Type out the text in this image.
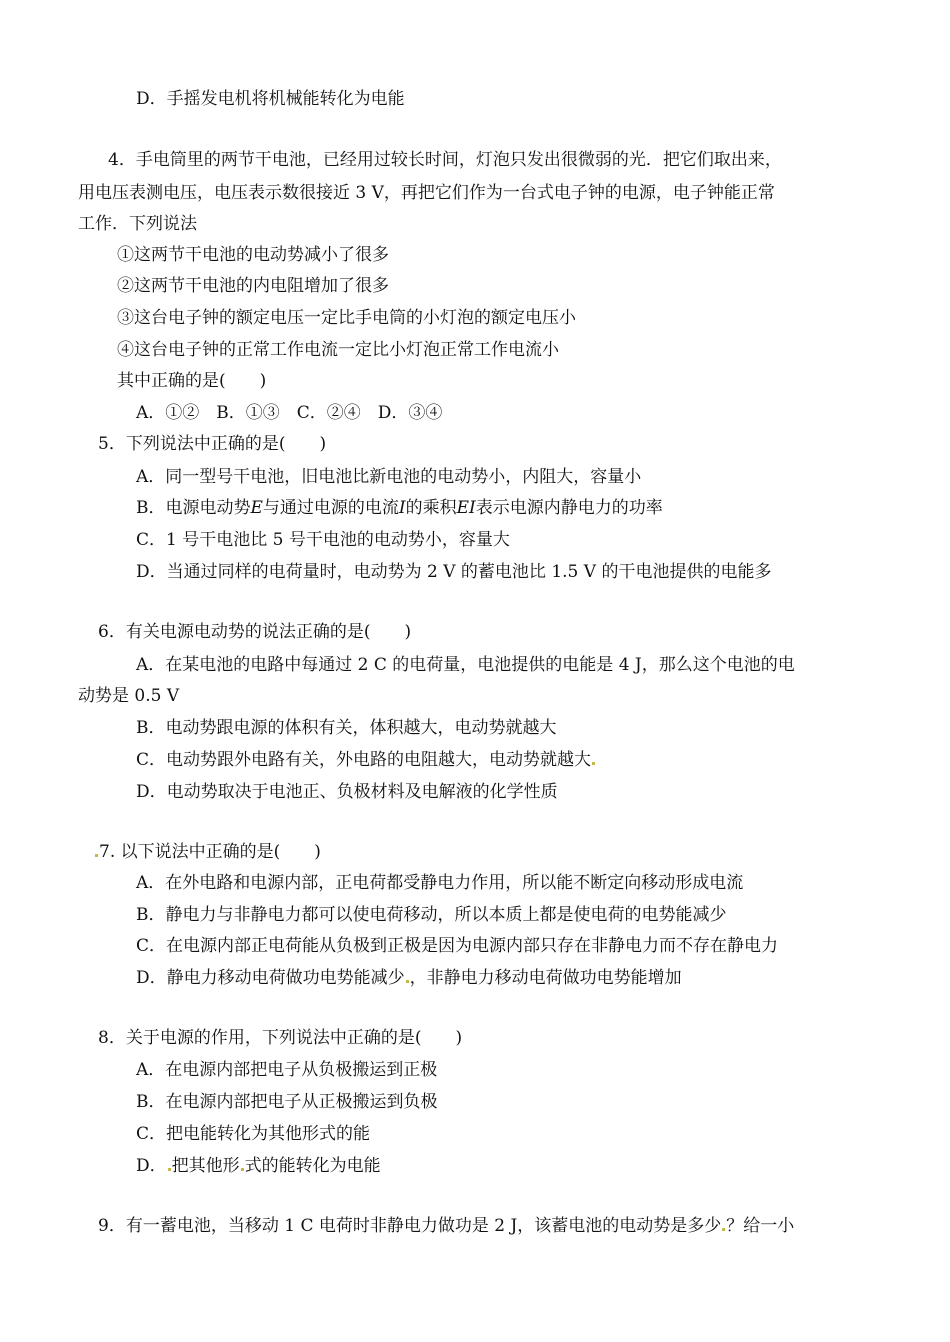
D．手摇发电机将机械能转化为电能
4．手电筒里的两节干电池，已经用过较长时间，灯泡只发出很微弱的光．把它们取出来，
用电压表测电压，电压表示数很接近 3 V，再把它们作为一台式电子钟的电源，电子钟能正常
工作．下列说法
①这两节干电池的电动势减小了很多
②这两节干电池的内电阻增加了很多
③这台电子钟的额定电压一定比手电筒的小灯泡的额定电压小
④这台电子钟的正常工作电流一定比小灯泡正常工作电流小
其中正确的是(　　)
A．①②　B．①③　C．②④　D．③④
5．下列说法中正确的是(　　)
A．同一型号干电池，旧电池比新电池的电动势小，内阻大，容量小
B．电源电动势E与通过电源的电流I的乘积EI表示电源内静电力的功率
C．1 号干电池比 5 号干电池的电动势小，容量大
D．当通过同样的电荷量时，电动势为 2 V 的蓄电池比 1.5 V 的干电池提供的电能多
6．有关电源电动势的说法正确的是(　　)
A．在某电池的电路中每通过 2 C 的电荷量，电池提供的电能是 4 J，那么这个电池的电
动势是 0.5 V
B．电动势跟电源的体积有关，体积越大，电动势就越大
C．电动势跟外电路有关，外电路的电阻越大，电动势就越大
D．电动势取决于电池正、负极材料及电解液的化学性质
7. 以下说法中正确的是(　　)
A．在外电路和电源内部，正电荷都受静电力作用，所以能不断定向移动形成电流
B．静电力与非静电力都可以使电荷移动，所以本质上都是使电荷的电势能减少
C．在电源内部正电荷能从负极到正极是因为电源内部只存在非静电力而不存在静电力
D．静电力移动电荷做功电势能减少 ，非静电力移动电荷做功电势能增加
8．关于电源的作用，下列说法中正确的是(　　)
A．在电源内部把电子从负极搬运到正极
B．在电源内部把电子从正极搬运到负极
C．把电能转化为其他形式的能
D． 把其他形 式的能转化为电能
9．有一蓄电池，当移动 1 C 电荷时非静电力做功是 2 J，该蓄电池的电动势是多少 ？给一小
